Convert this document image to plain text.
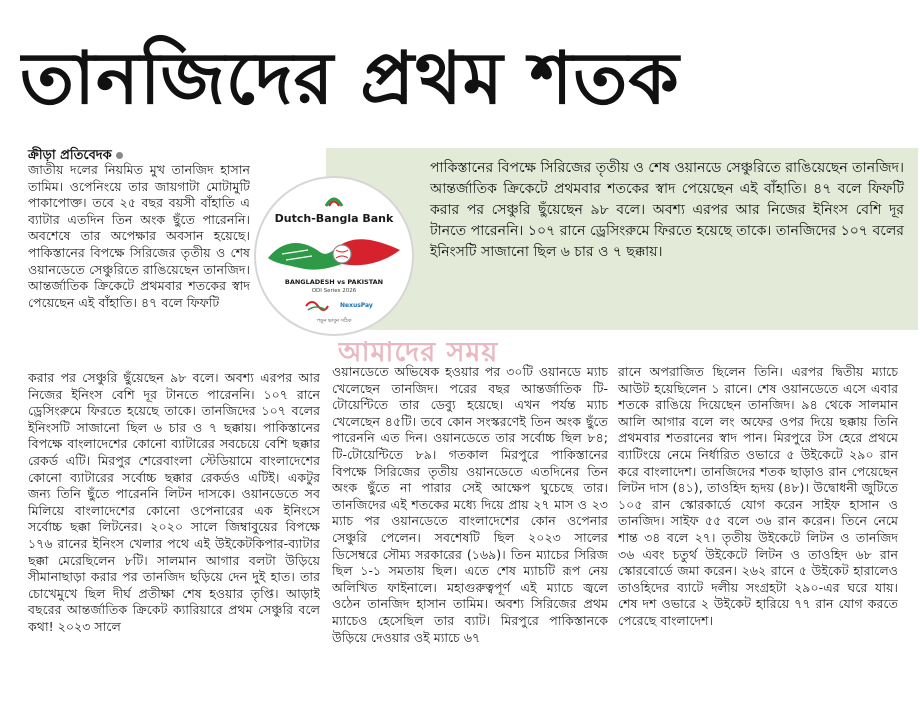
তানজিদের প্রথম শতক
ক্রীড়া প্রতিবেদক
পাকিস্তানের বিপক্ষে সিরিজের তৃতীয় ও শেষ ওয়ানডে সেঞ্চুরিতে রাঙিয়েছেন তানজিদ। আন্তর্জাতিক ক্রিকেটে প্রথমবার শতকের স্বাদ পেয়েছেন এই বাঁহাতি। ৪৭ বলে ফিফটি করার পর সেঞ্চুরি ছুঁয়েছেন ৯৮ বলে। অবশ্য এরপর আর নিজের ইনিংস বেশি দূর টানতে পারেননি। ১০৭ রানে ড্রেসিংরুমে ফিরতে হয়েছে তাকে। তানজিদের ১০৭ বলের ইনিংসটি সাজানো ছিল ৬ চার ও ৭ ছক্কায়।
Dutch-Bangla Bank
BANGLADESH vs PAKISTAN
ODI Series 2026
NexusPay
পড়ুন ভাবুন সঠিক
আমাদের সময়

জাতীয় দলের নিয়মিত মুখ তানজিদ হাসান তামিম। ওপেনিংয়ে তার জায়গাটা মোটামুটি পাকাপোক্ত। তবে ২৫ বছর বয়সী বাঁহাতি এ ব্যাটার এতদিন তিন অংক ছুঁতে পারেননি। অবশেষে তার অপেক্ষার অবসান হয়েছে। পাকিস্তানের বিপক্ষে সিরিজের তৃতীয় ও শেষ ওয়ানডেতে সেঞ্চুরিতে রাঙিয়েছেন তানজিদ। আন্তর্জাতিক ক্রিকেটে প্রথমবার শতকের স্বাদ পেয়েছেন এই বাঁহাতি। ৪৭ বলে ফিফটি

করার পর সেঞ্চুরি ছুঁয়েছেন ৯৮ বলে। অবশ্য এরপর আর নিজের ইনিংস বেশি দূর টানতে পারেননি। ১০৭ রানে ড্রেসিংরুমে ফিরতে হয়েছে তাকে। তানজিদের ১০৭ বলের ইনিংসটি সাজানো ছিল ৬ চার ও ৭ ছক্কায়। পাকিস্তানের বিপক্ষে বাংলাদেশের কোনো ব্যাটারের সবচেয়ে বেশি ছক্কার রেকর্ড এটি। মিরপুর শেরেবাংলা স্টেডিয়ামে বাংলাদেশের কোনো ব্যাটারের সর্বোচ্চ ছক্কার রেকর্ডও এটিই। একটুর জন্য তিনি ছুঁতে পারেননি লিটন দাসকে। ওয়ানডেতে সব মিলিয়ে বাংলাদেশের কোনো ওপেনারের এক ইনিংসে সর্বোচ্চ ছক্কা লিটনের। ২০২০ সালে জিম্বাবুয়ের বিপক্ষে ১৭৬ রানের ইনিংস খেলার পথে এই উইকেটকিপার-ব্যাটার ছক্কা মেরেছিলেন ৮টি। সালমান আগার বলটা উড়িয়ে সীমানাছাড়া করার পর তানজিদ ছড়িয়ে দেন দুই হাত। তার চোখেমুখে ছিল দীর্ঘ প্রতীক্ষা শেষ হওয়ার তৃপ্তি। আড়াই বছরের আন্তর্জাতিক ক্রিকেট ক্যারিয়ারে প্রথম সেঞ্চুরি বলে কথা! ২০২৩ সালে

ওয়ানডেতে অভিষেক হওয়ার পর ৩০টি ওয়ানডে ম্যাচ খেলেছেন তানজিদ। পরের বছর আন্তর্জাতিক টি-টোয়েন্টিতে তার ডেব্যু হয়েছে। এখন পর্যন্ত ম্যাচ খেলেছেন ৪৫টি। তবে কোন সংস্করণেই তিন অংক ছুঁতে পারেননি এত দিন। ওয়ানডেতে তার সর্বোচ্চ ছিল ৮৪; টি-টোয়েন্টিতে ৮৯। গতকাল মিরপুরে পাকিস্তানের বিপক্ষে সিরিজের তৃতীয় ওয়ানডেতে এতদিনের তিন অংক ছুঁতে না পারার সেই আক্ষেপ ঘুচেছে তার। তানজিদের এই শতকের মধ্যে দিয়ে প্রায় ২৭ মাস ও ২৩ ম্যাচ পর ওয়ানডেতে বাংলাদেশের কোন ওপেনার সেঞ্চুরি পেলেন। সবশেষটি ছিল ২০২৩ সালের ডিসেম্বরে সৌম্য সরকারের (১৬৯)। তিন ম্যাচের সিরিজ ছিল ১-১ সমতায় ছিল। এতে শেষ ম্যাচটি রূপ নেয় অলিখিত ফাইনালে। মহাগুরুত্বপূর্ণ এই ম্যাচে জ্বলে ওঠেন তানজিদ হাসান তামিম। অবশ্য সিরিজের প্রথম ম্যাচেও হেসেছিল তার ব্যাট। মিরপুরে পাকিস্তানকে উড়িয়ে দেওয়ার ওই ম্যাচে ৬৭

রানে অপরাজিত ছিলেন তিনি। এরপর দ্বিতীয় ম্যাচে আউট হয়েছিলেন ১ রানে। শেষ ওয়ানডেতে এসে এবার শতকে রাঙিয়ে দিয়েছেন তানজিদ। ৯৪ থেকে সালমান আলি আগার বলে লং অফের ওপর দিয়ে ছক্কায় তিনি প্রথমবার শতরানের স্বাদ পান। মিরপুরে টস হেরে প্রথমে ব্যাটিংয়ে নেমে নির্ধারিত ওভারে ৫ উইকেটে ২৯০ রান করে বাংলাদেশ। তানজিদের শতক ছাড়াও রান পেয়েছেন লিটন দাস (৪১), তাওহিদ হৃদয় (৪৮)। উদ্বোধনী জুটিতে ১০৫ রান স্কোরকার্ডে যোগ করেন সাইফ হাসান ও তানজিদ। সাইফ ৫৫ বলে ৩৬ রান করেন। তিনে নেমে শান্ত ৩৪ বলে ২৭। তৃতীয় উইকেটে লিটন ও তানজিদ ৩৬ এবং চতুর্থ উইকেটে লিটন ও তাওহিদ ৬৮ রান স্কোরবোর্ডে জমা করেন। ২৬২ রানে ৫ উইকেট হারালেও তাওহিদের ব্যাটে দলীয় সংগ্রহটা ২৯০-এর ঘরে যায়। শেষ দশ ওভারে ২ উইকেট হারিয়ে ৭৭ রান যোগ করতে পেরেছে বাংলাদেশ।
